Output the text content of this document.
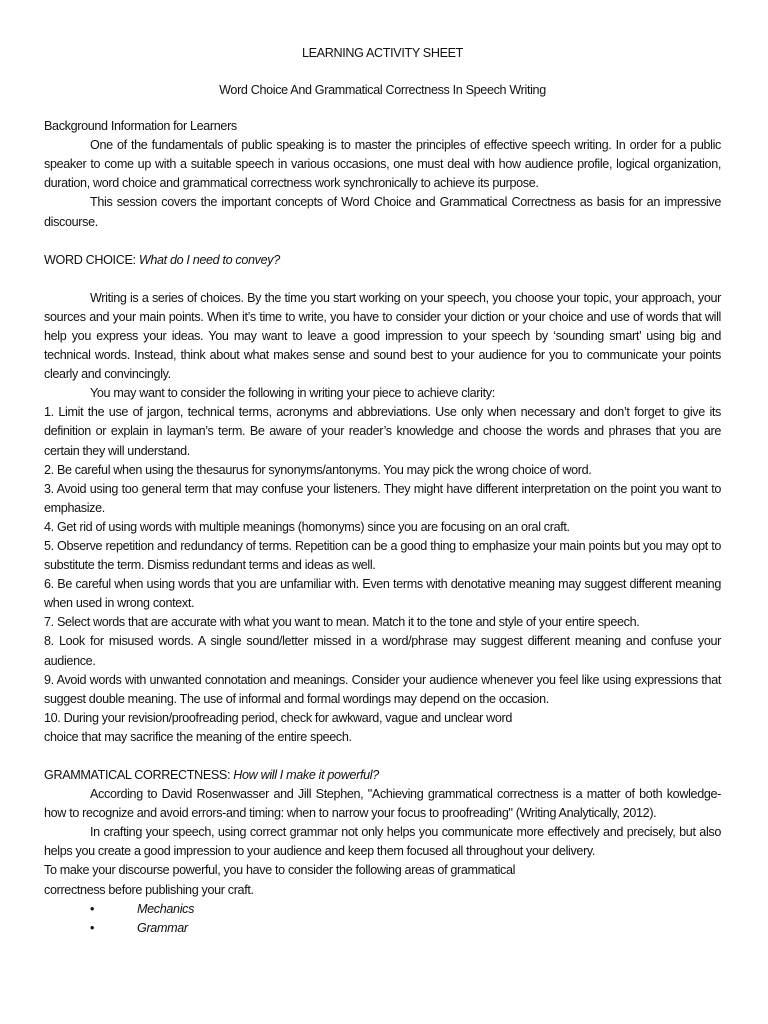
LEARNING ACTIVITY SHEET
Word Choice And Grammatical Correctness In Speech Writing
Background Information for Learners

One of the fundamentals of public speaking is to master the principles of effective speech writing. In order for a public speaker to come up with a suitable speech in various occasions, one must deal with how audience profile, logical organization, duration, word choice and grammatical correctness work synchronically to achieve its purpose.

This session covers the important concepts of Word Choice and Grammatical Correctness as basis for an impressive discourse.

WORD CHOICE: What do I need to convey?

Writing is a series of choices. By the time you start working on your speech, you choose your topic, your approach, your sources and your main points. When it’s time to write, you have to consider your diction or your choice and use of words that will help you express your ideas. You may want to leave a good impression to your speech by ‘sounding smart’ using big and technical words. Instead, think about what makes sense and sound best to your audience for you to communicate your points clearly and convincingly.

You may want to consider the following in writing your piece to achieve clarity:

1. Limit the use of jargon, technical terms, acronyms and abbreviations. Use only when necessary and don’t forget to give its definition or explain in layman’s term. Be aware of your reader’s knowledge and choose the words and phrases that you are certain they will understand.
2. Be careful when using the thesaurus for synonyms/antonyms. You may pick the wrong choice of word.
3. Avoid using too general term that may confuse your listeners. They might have different interpretation on the point you want to emphasize.
4. Get rid of using words with multiple meanings (homonyms) since you are focusing on an oral craft.
5. Observe repetition and redundancy of terms. Repetition can be a good thing to emphasize your main points but you may opt to substitute the term. Dismiss redundant terms and ideas as well.
6. Be careful when using words that you are unfamiliar with. Even terms with denotative meaning may suggest different meaning when used in wrong context.
7. Select words that are accurate with what you want to mean. Match it to the tone and style of your entire speech.
8. Look for misused words. A single sound/letter missed in a word/phrase may suggest different meaning and confuse your audience.
9. Avoid words with unwanted connotation and meanings. Consider your audience whenever you feel like using expressions that suggest double meaning. The use of informal and formal wordings may depend on the occasion.
10. During your revision/proofreading period, check for awkward, vague and unclear word
choice that may sacrifice the meaning of the entire speech.
GRAMMATICAL CORRECTNESS: How will I make it powerful?

According to David Rosenwasser and Jill Stephen, "Achieving grammatical correctness is a matter of both kowledge-how to recognize and avoid errors-and timing: when to narrow your focus to proofreading" (Writing Analytically, 2012).

In crafting your speech, using correct grammar not only helps you communicate more effectively and precisely, but also helps you create a good impression to your audience and keep them focused all throughout your delivery.

To make your discourse powerful, you have to consider the following areas of grammatical
correctness before publishing your craft.
•	Mechanics
•	Grammar
